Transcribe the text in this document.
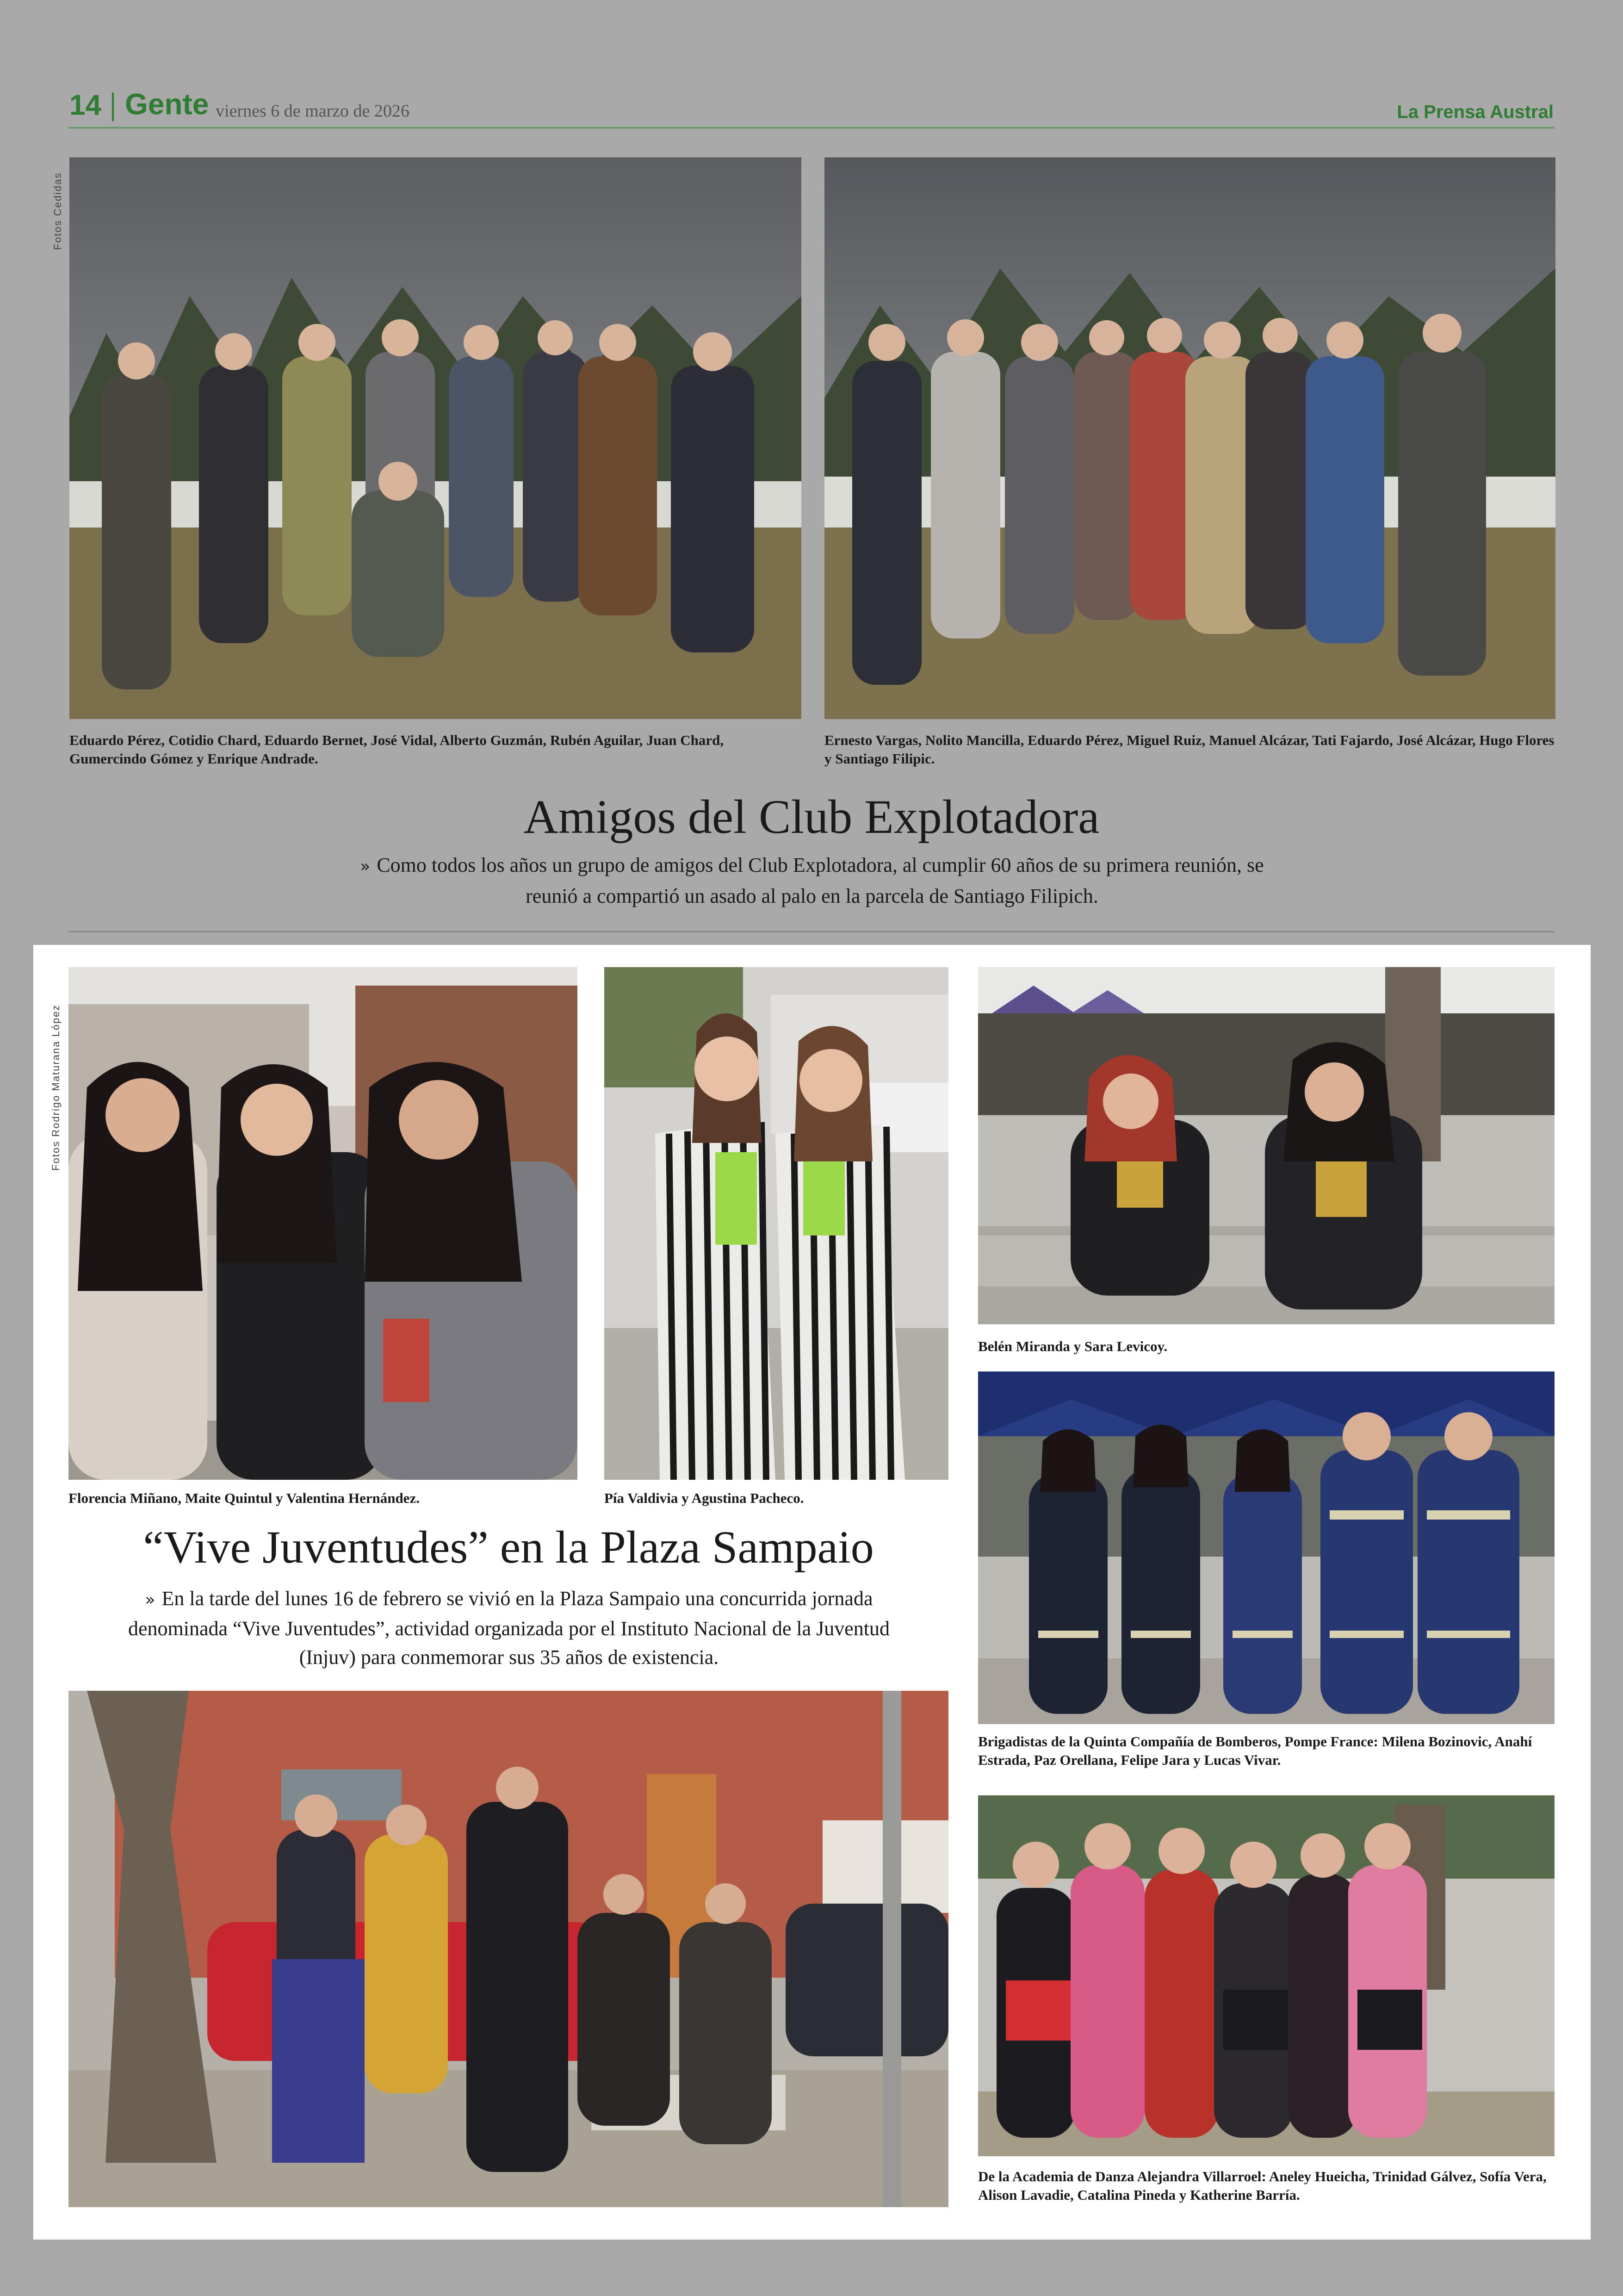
14 Gente viernes 6 de marzo de 2026	La Prensa Austral
Fotos Cedidas
Eduardo Pérez, Cotidio Chard, Eduardo Bernet, José Vidal, Alberto Guzmán, Rubén Aguilar, Juan Chard, Gumercindo Gómez y Enrique Andrade.
Ernesto Vargas, Nolito Mancilla, Eduardo Pérez, Miguel Ruiz, Manuel Alcázar, Tati Fajardo, José Alcázar, Hugo Flores y Santiago Filipic.
Amigos del Club Explotadora
» Como todos los años un grupo de amigos del Club Explotadora, al cumplir 60 años de su primera reunión, se reunió a compartió un asado al palo en la parcela de Santiago Filipich.
Fotos Rodrigo Maturana López
Florencia Miñano, Maite Quintul y Valentina Hernández.	Pía Valdivia y Agustina Pacheco.
Belén Miranda y Sara Levicoy.
Brigadistas de la Quinta Compañía de Bomberos, Pompe France: Milena Bozinovic, Anahí Estrada, Paz Orellana, Felipe Jara y Lucas Vivar.
De la Academia de Danza Alejandra Villarroel: Aneley Hueicha, Trinidad Gálvez, Sofía Vera, Alison Lavadie, Catalina Pineda y Katherine Barría.
“Vive Juventudes” en la Plaza Sampaio
» En la tarde del lunes 16 de febrero se vivió en la Plaza Sampaio una concurrida jornada denominada “Vive Juventudes”, actividad organizada por el Instituto Nacional de la Juventud (Injuv) para conmemorar sus 35 años de existencia.
